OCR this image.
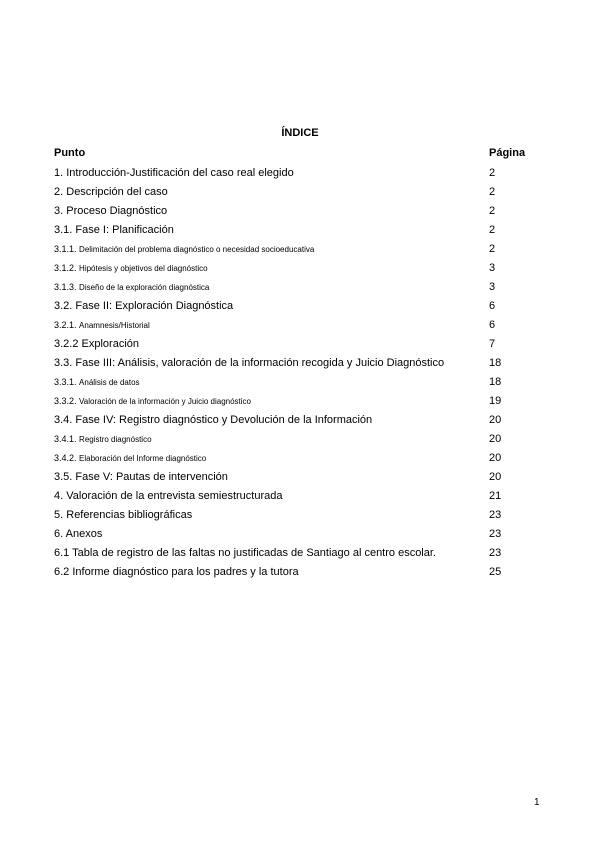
ÍNDICE
Punto	Página
1. Introducción-Justificación del caso real elegido	2
2. Descripción del caso	2
3. Proceso Diagnóstico	2
3.1. Fase I: Planificación	2
3.1.1. Delimitación del problema diagnóstico o necesidad socioeducativa	2
3.1.2. Hipótesis y objetivos del diagnóstico	3
3.1.3. Diseño de la exploración diagnóstica	3
3.2. Fase II: Exploración Diagnóstica	6
3.2.1. Anamnesis/Historial	6
3.2.2 Exploración	7
3.3. Fase III: Análisis, valoración de la información recogida y Juicio Diagnóstico	18
3.3.1. Análisis de datos	18
3.3.2. Valoración de la información y Juicio diagnóstico	19
3.4. Fase IV: Registro diagnóstico y Devolución de la Información	20
3.4.1. Registro diagnóstico	20
3.4.2. Elaboración del Informe diagnóstico	20
3.5. Fase V: Pautas de intervención	20
4. Valoración de la entrevista semiestructurada	21
5. Referencias bibliográficas	23
6. Anexos	23
6.1 Tabla de registro de las faltas no justificadas de Santiago al centro escolar.	23
6.2 Informe diagnóstico para los padres y la tutora	25
1
